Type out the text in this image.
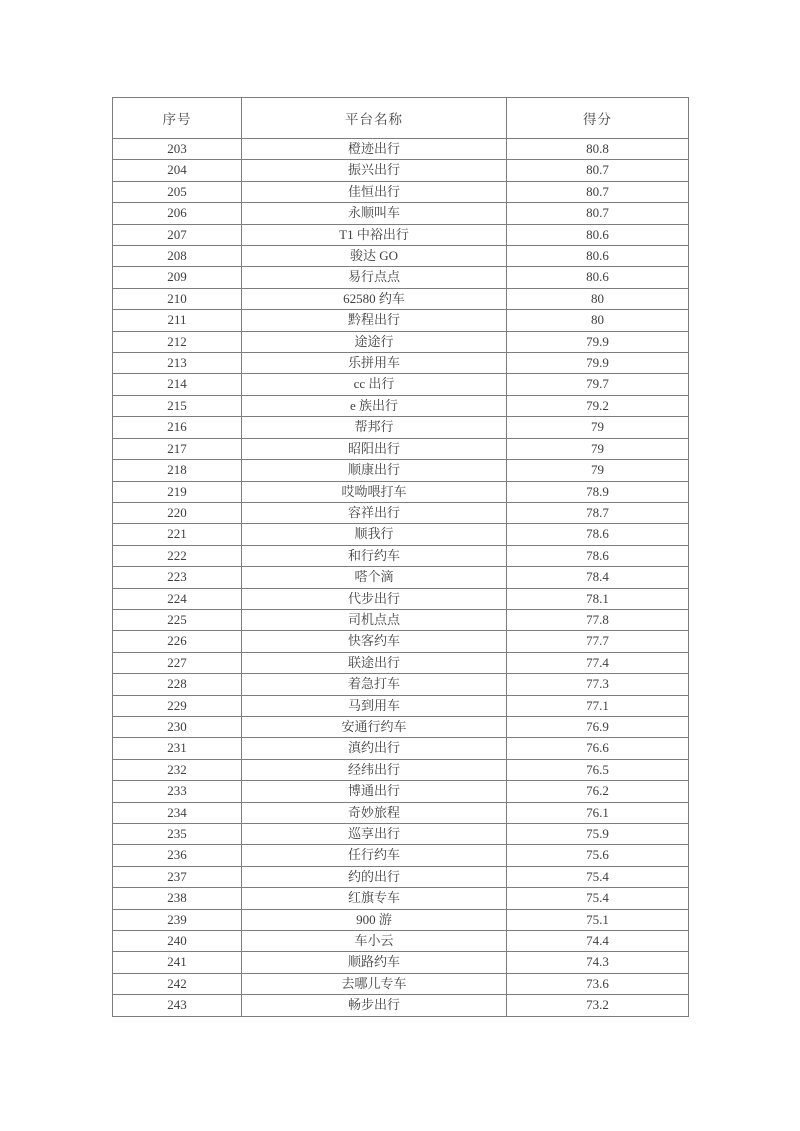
序号	平台名称	得分
203	橙迹出行	80.8
204	振兴出行	80.7
205	佳恒出行	80.7
206	永顺叫车	80.7
207	T1 中裕出行	80.6
208	骏达 GO	80.6
209	易行点点	80.6
210	62580 约车	80
211	黔程出行	80
212	途途行	79.9
213	乐拼用车	79.9
214	cc 出行	79.7
215	e 族出行	79.2
216	帮邦行	79
217	昭阳出行	79
218	顺康出行	79
219	哎呦喂打车	78.9
220	容祥出行	78.7
221	顺我行	78.6
222	和行约车	78.6
223	嗒个滴	78.4
224	代步出行	78.1
225	司机点点	77.8
226	快客约车	77.7
227	联途出行	77.4
228	着急打车	77.3
229	马到用车	77.1
230	安通行约车	76.9
231	滇约出行	76.6
232	经纬出行	76.5
233	博通出行	76.2
234	奇妙旅程	76.1
235	巡享出行	75.9
236	任行约车	75.6
237	约的出行	75.4
238	红旗专车	75.4
239	900 游	75.1
240	车小云	74.4
241	顺路约车	74.3
242	去哪儿专车	73.6
243	畅步出行	73.2
